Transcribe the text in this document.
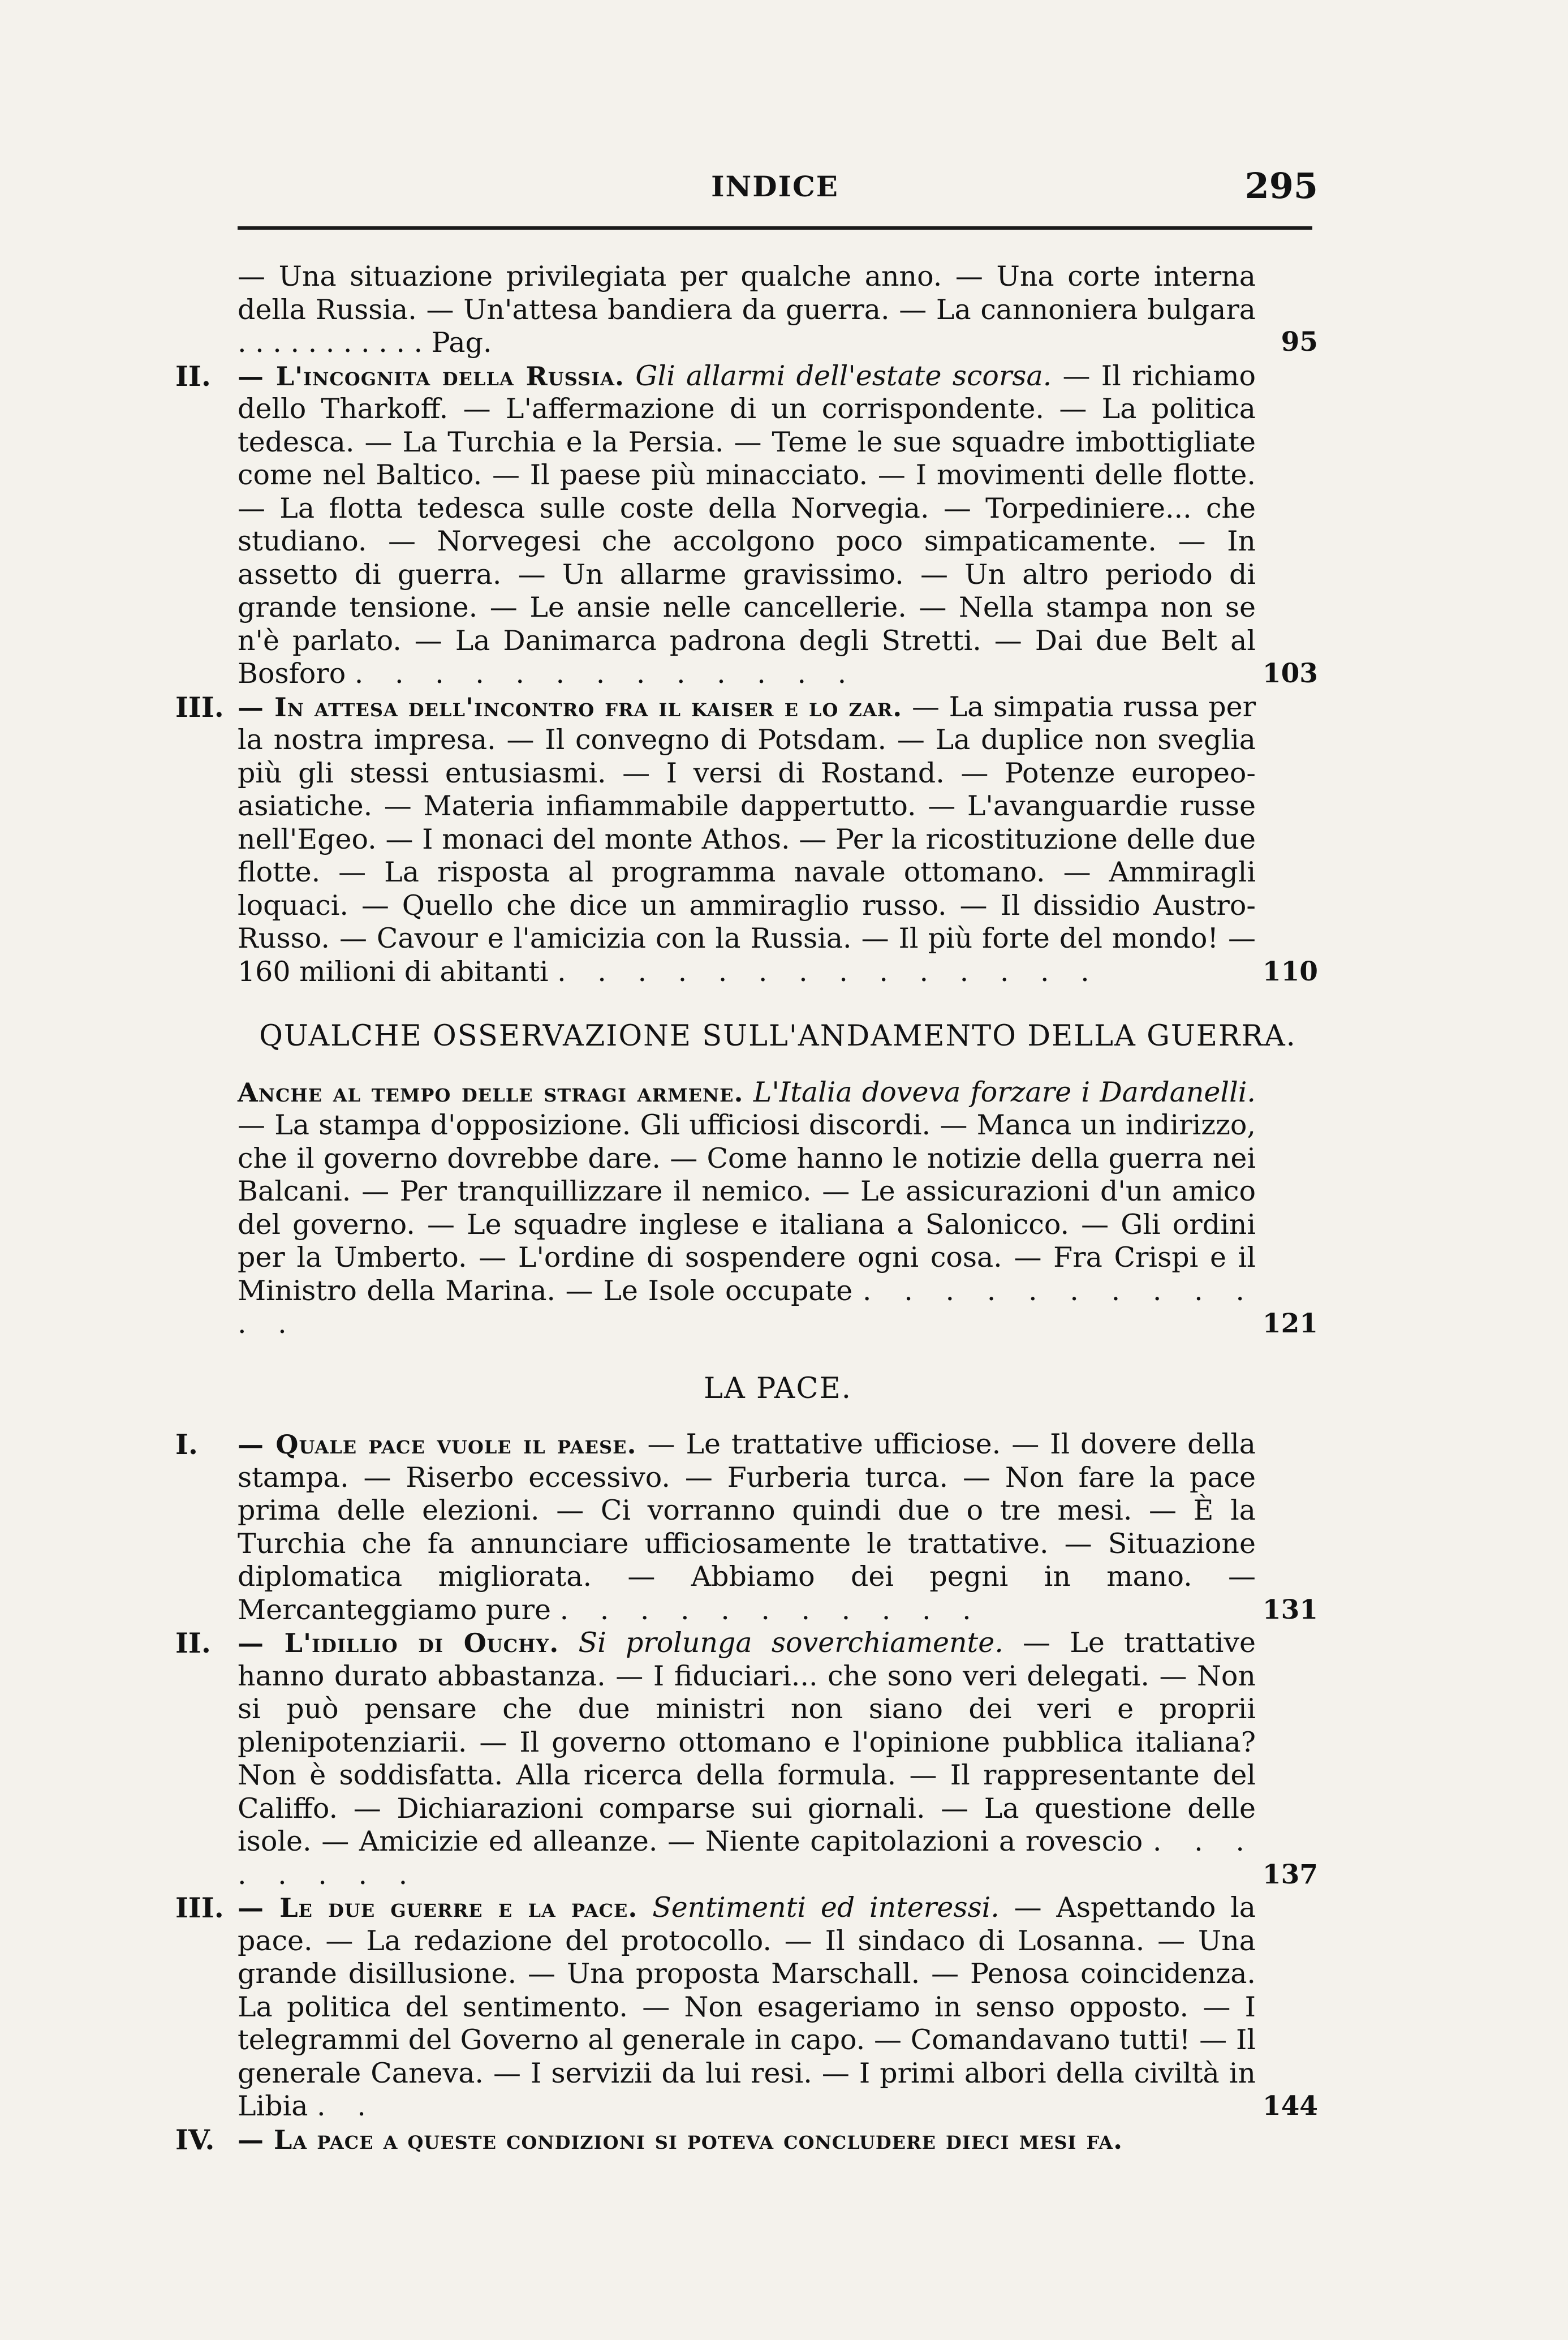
INDICE	295

— Una situazione privilegiata per qualche anno. — Una corte interna della Russia. — Un'attesa bandiera da guerra. — La cannoniera bulgara . . . . . . . . . . . Pag.	95
II. — L'incognita della Russia. Gli allarmi dell'estate scorsa. — Il richiamo dello Tharkoff. — L'affermazione di un corrispondente. — La politica tedesca. — La Turchia e la Persia. — Teme le sue squadre imbottigliate come nel Baltico. — Il paese più minacciato. — I movimenti delle flotte. — La flotta tedesca sulle coste della Norvegia. — Torpediniere... che studiano. — Norvegesi che accolgono poco simpaticamente. — In assetto di guerra. — Un allarme gravissimo. — Un altro periodo di grande tensione. — Le ansie nelle cancellerie. — Nella stampa non se n'è parlato. — La Danimarca padrona degli Stretti. — Dai due Belt al Bosforo . . . . . . . . . . . . .	103
III. — In attesa dell'incontro fra il kaiser e lo zar. — La simpatia russa per la nostra impresa. — Il convegno di Potsdam. — La duplice non sveglia più gli stessi entusiasmi. — I versi di Rostand. — Potenze europeo-asiatiche. — Materia infiammabile dappertutto. — L'avanguardie russe nell'Egeo. — I monaci del monte Athos. — Per la ricostituzione delle due flotte. — La risposta al programma navale ottomano. — Ammiragli loquaci. — Quello che dice un ammiraglio russo. — Il dissidio Austro-Russo. — Cavour e l'amicizia con la Russia. — Il più forte del mondo! — 160 milioni di abitanti . . . . . . . . . . . . . .	110
QUALCHE OSSERVAZIONE SULL'ANDAMENTO DELLA GUERRA.

Anche al tempo delle stragi armene. L'Italia doveva forzare i Dardanelli. — La stampa d'opposizione. Gli ufficiosi discordi. — Manca un indirizzo, che il governo dovrebbe dare. — Come hanno le notizie della guerra nei Balcani. — Per tranquillizzare il nemico. — Le assicurazioni d'un amico del governo. — Le squadre inglese e italiana a Salonicco. — Gli ordini per la Umberto. — L'ordine di sospendere ogni cosa. — Fra Crispi e il Ministro della Marina. — Le Isole occupate . . . . . . . . . . . .	121
LA PACE.
I. — Quale pace vuole il paese. — Le trattative ufficiose. — Il dovere della stampa. — Riserbo eccessivo. — Furberia turca. — Non fare la pace prima delle elezioni. — Ci vorranno quindi due o tre mesi. — È la Turchia che fa annunciare ufficiosamente le trattative. — Situazione diplomatica migliorata. — Abbiamo dei pegni in mano. — Mercanteggiamo pure . . . . . . . . . . .	131
II. — L'idillio di Ouchy. Si prolunga soverchiamente. — Le trattative hanno durato abbastanza. — I fiduciari... che sono veri delegati. — Non si può pensare che due ministri non siano dei veri e proprii plenipotenziarii. — Il governo ottomano e l'opinione pubblica italiana? Non è soddisfatta. Alla ricerca della formula. — Il rappresentante del Califfo. — Dichiarazioni comparse sui giornali. — La questione delle isole. — Amicizie ed alleanze. — Niente capitolazioni a rovescio . . . . . . . .	137
III. — Le due guerre e la pace. Sentimenti ed interessi. — Aspettando la pace. — La redazione del protocollo. — Il sindaco di Losanna. — Una grande disillusione. — Una proposta Marschall. — Penosa coincidenza. La politica del sentimento. — Non esageriamo in senso opposto. — I telegrammi del Governo al generale in capo. — Comandavano tutti! — Il generale Caneva. — I servizii da lui resi. — I primi albori della civiltà in Libia . .	144
IV. — La pace a queste condizioni si poteva concludere dieci mesi fa.
